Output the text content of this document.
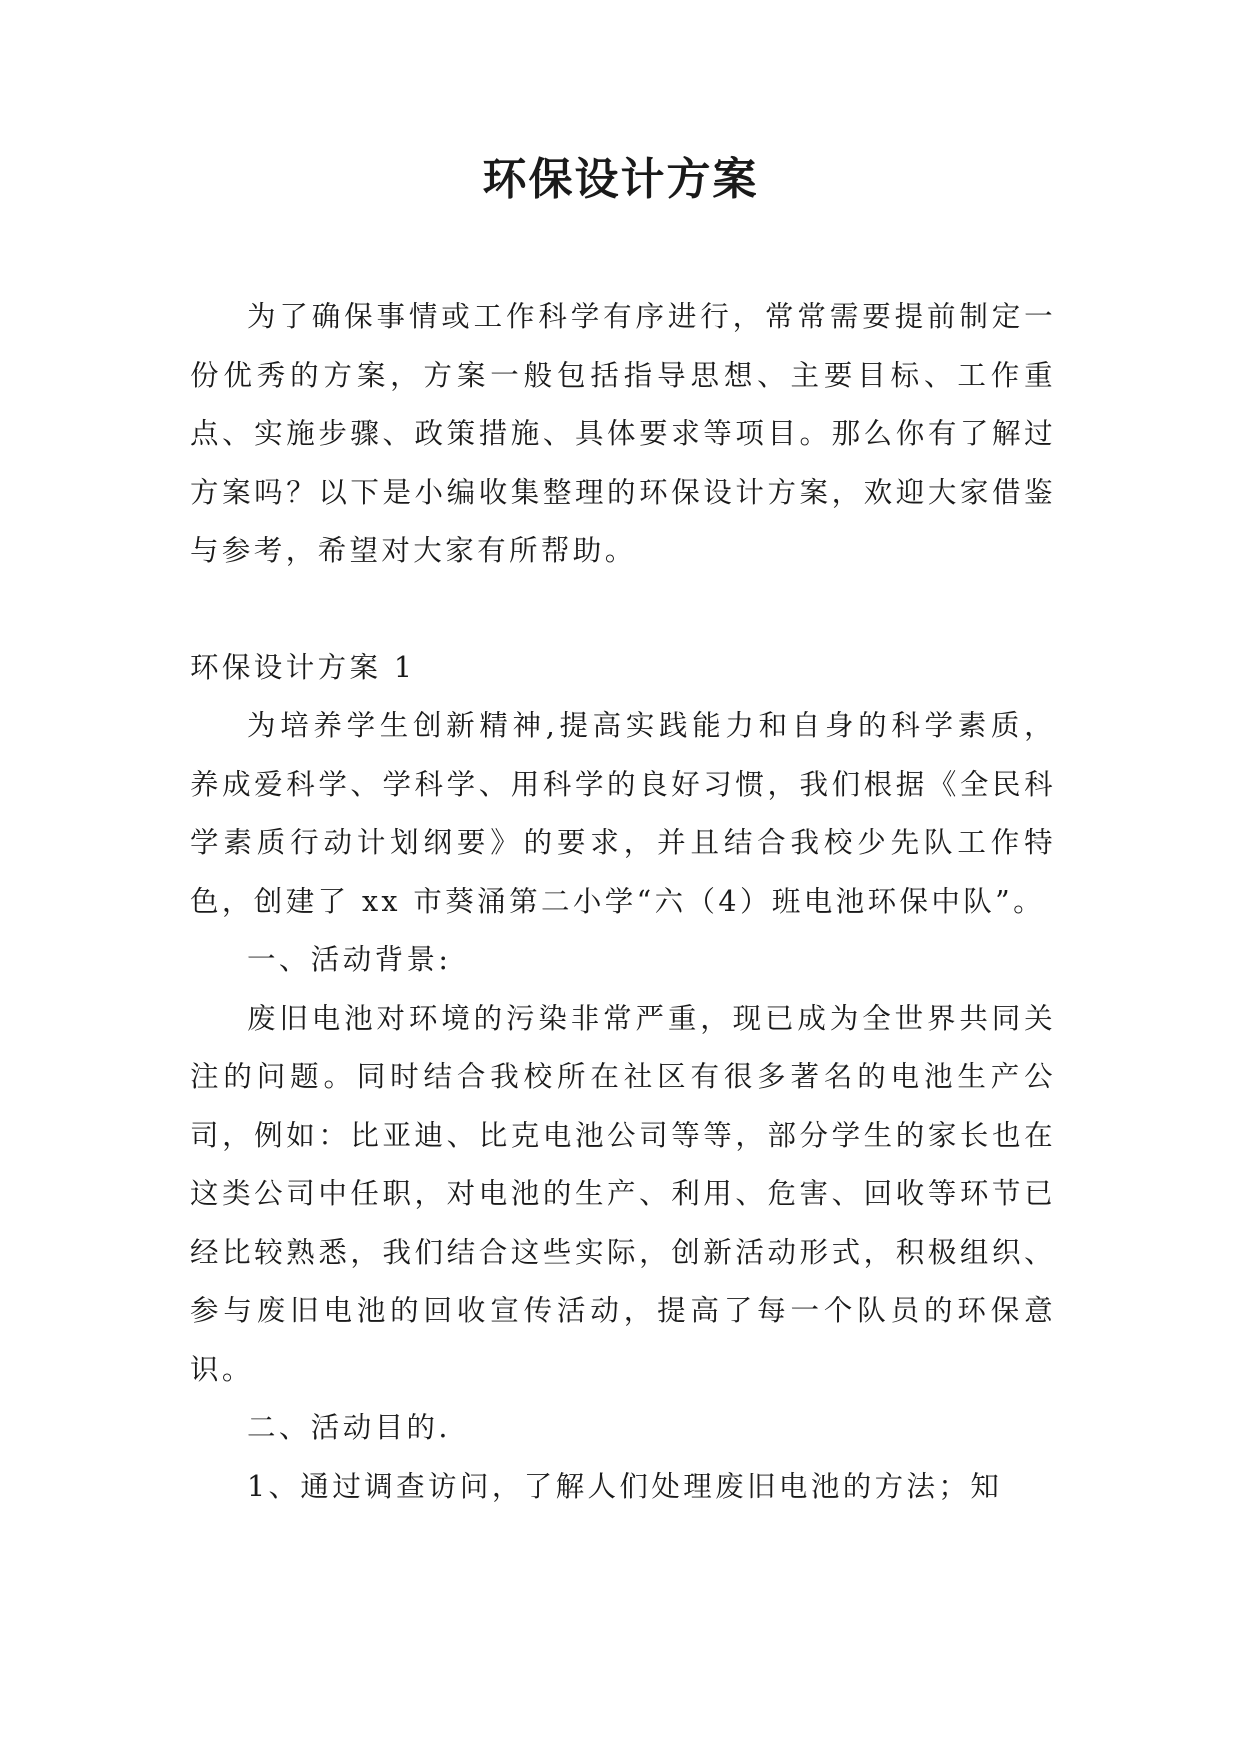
环保设计方案

为了确保事情或工作科学有序进行，常常需要提前制定一份优秀的方案，方案一般包括指导思想、主要目标、工作重点、实施步骤、政策措施、具体要求等项目。那么你有了解过方案吗？以下是小编收集整理的环保设计方案，欢迎大家借鉴与参考，希望对大家有所帮助。

环保设计方案 1

为培养学生创新精神,提高实践能力和自身的科学素质，养成爱科学、学科学、用科学的良好习惯，我们根据《全民科学素质行动计划纲要》的要求，并且结合我校少先队工作特色，创建了 xx 市葵涌第二小学“六（4）班电池环保中队”。

一、活动背景:

废旧电池对环境的污染非常严重，现已成为全世界共同关注的问题。同时结合我校所在社区有很多著名的电池生产公司，例如：比亚迪、比克电池公司等等，部分学生的家长也在这类公司中任职，对电池的生产、利用、危害、回收等环节已经比较熟悉，我们结合这些实际，创新活动形式，积极组织、参与废旧电池的回收宣传活动，提高了每一个队员的环保意识。

二、活动目的.

1、通过调查访问，了解人们处理废旧电池的方法；知
